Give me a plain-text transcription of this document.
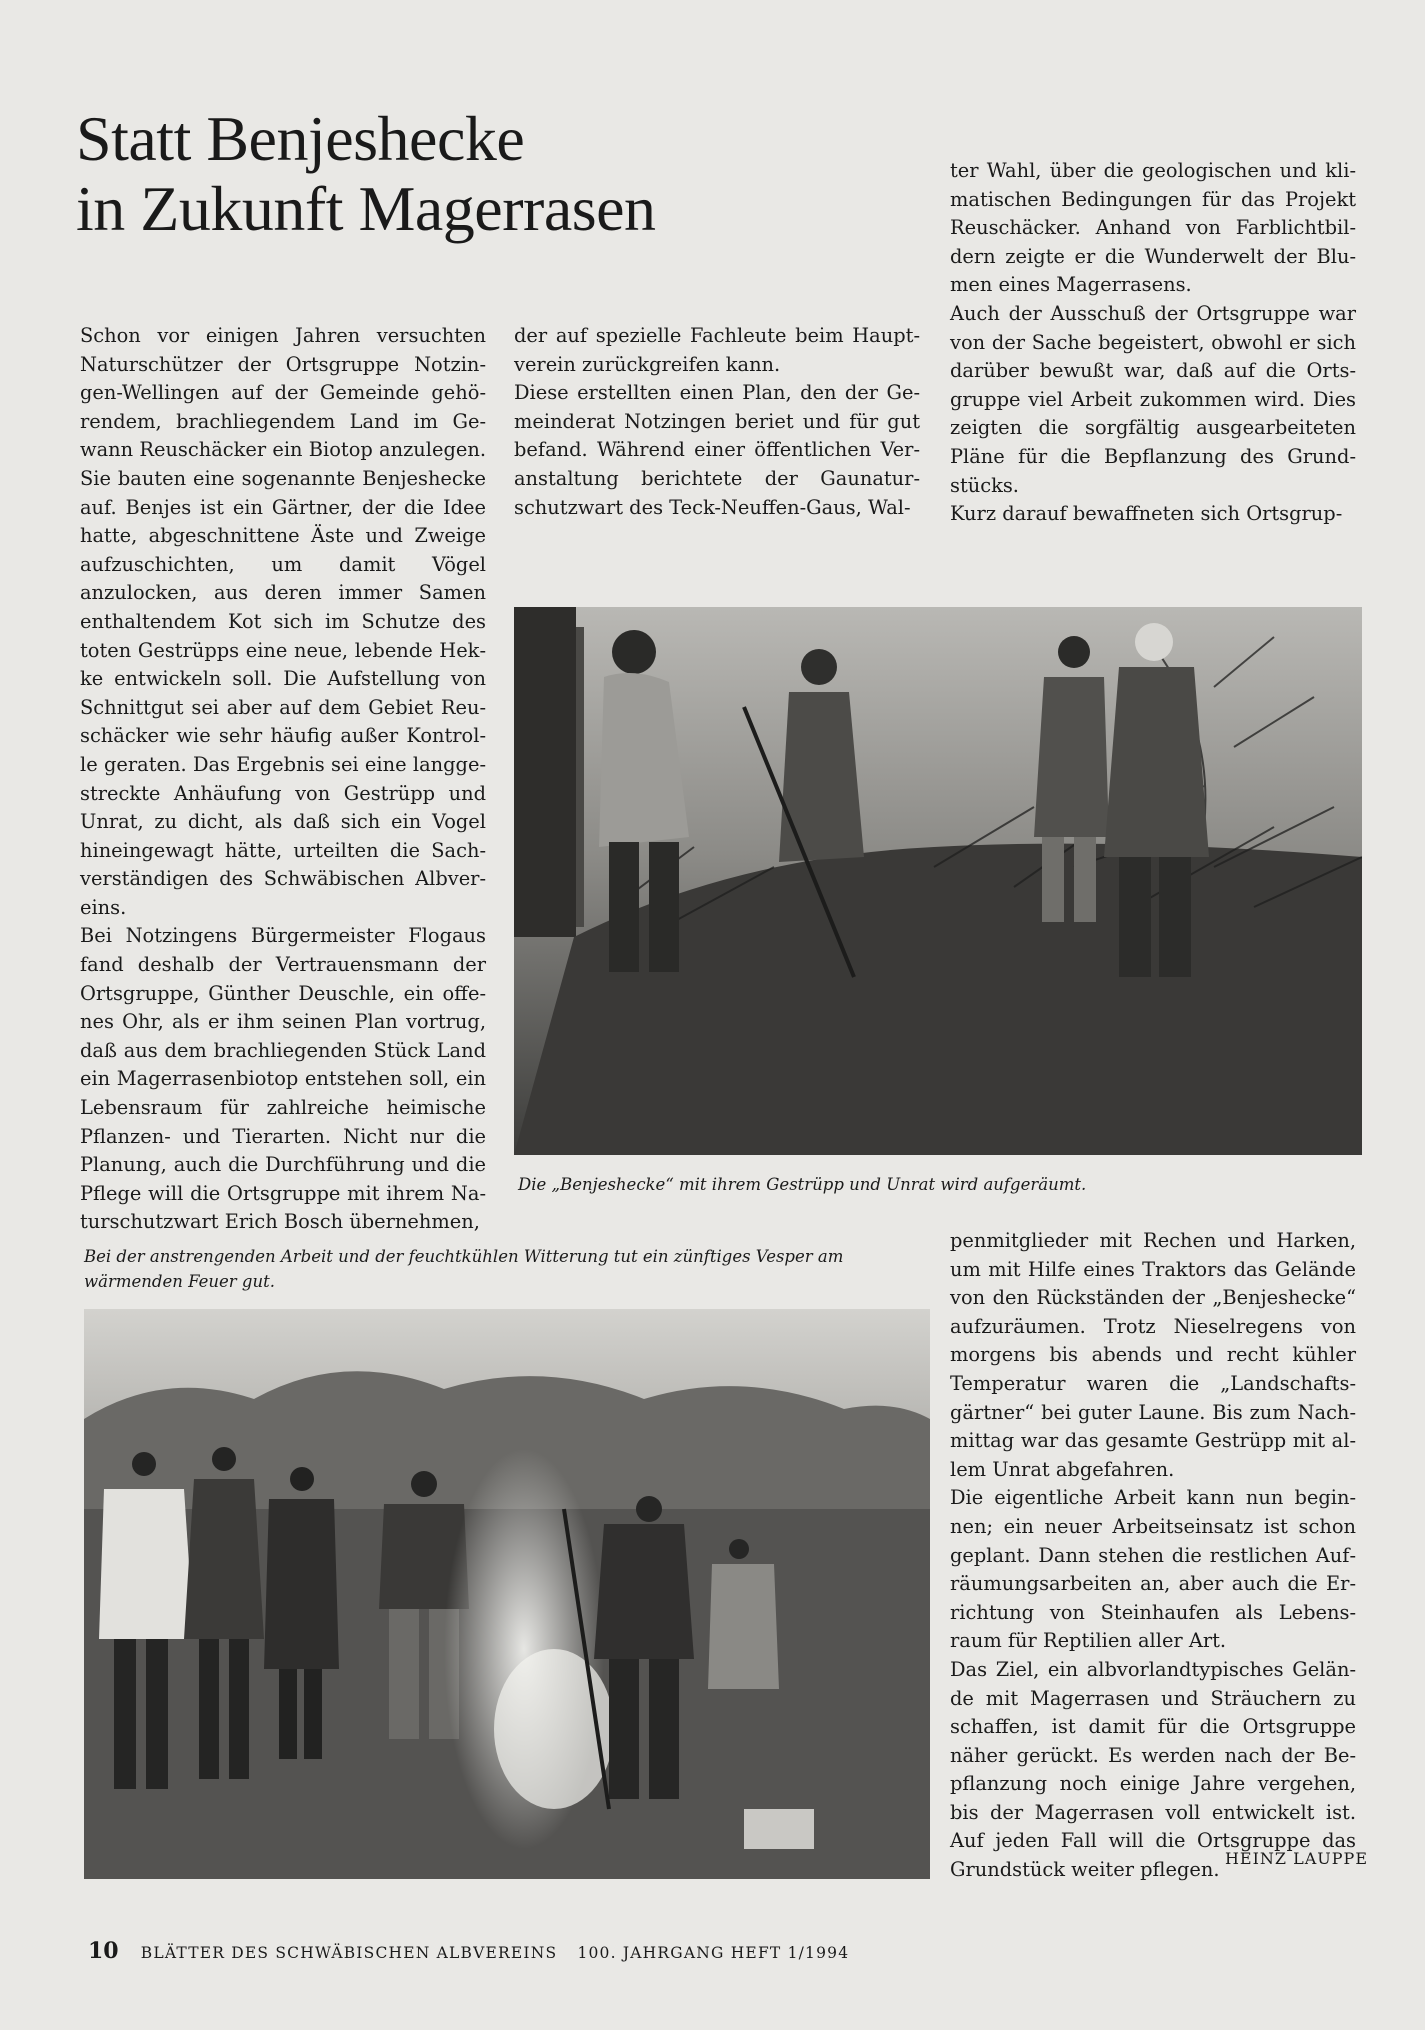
Statt Benjeshecke
in Zukunft Magerrasen

Schon vor einigen Jahren versuchten Naturschützer der Ortsgruppe Notzingen-Wellingen auf der Gemeinde gehörendem, brachliegendem Land im Gewann Reuschäcker ein Biotop anzulegen. Sie bauten eine sogenannte Benjeshecke auf. Benjes ist ein Gärtner, der die Idee hatte, abgeschnittene Äste und Zweige aufzuschichten, um damit Vögel anzulocken, aus deren immer Samen enthaltendem Kot sich im Schutze des toten Gestrüpps eine neue, lebende Hekke entwickeln soll. Die Aufstellung von Schnittgut sei aber auf dem Gebiet Reuschäcker wie sehr häufig außer Kontrolle geraten. Das Ergebnis sei eine langgestreckte Anhäufung von Gestrüpp und Unrat, zu dicht, als daß sich ein Vogel hineingewagt hätte, urteilten die Sachverständigen des Schwäbischen Albvereins.

Bei Notzingens Bürgermeister Flogaus fand deshalb der Vertrauensmann der Ortsgruppe, Günther Deuschle, ein offenes Ohr, als er ihm seinen Plan vortrug, daß aus dem brachliegenden Stück Land ein Magerrasenbiotop entstehen soll, ein Lebensraum für zahlreiche heimische Pflanzen- und Tierarten. Nicht nur die Planung, auch die Durchführung und die Pflege will die Ortsgruppe mit ihrem Naturschutzwart Erich Bosch übernehmen,

der auf spezielle Fachleute beim Hauptverein zurückgreifen kann.

Diese erstellten einen Plan, den der Gemeinderat Notzingen beriet und für gut befand. Während einer öffentlichen Veranstaltung berichtete der Gaunaturschutzwart des Teck-Neuffen-Gaus, Wal-

ter Wahl, über die geologischen und klimatischen Bedingungen für das Projekt Reuschäcker. Anhand von Farblichtbildern zeigte er die Wunderwelt der Blumen eines Magerrasens.

Auch der Ausschuß der Ortsgruppe war von der Sache begeistert, obwohl er sich darüber bewußt war, daß auf die Ortsgruppe viel Arbeit zukommen wird. Dies zeigten die sorgfältig ausgearbeiteten Pläne für die Bepflanzung des Grundstücks.

Kurz darauf bewaffneten sich Ortsgrup-

Die „Benjeshecke“ mit ihrem Gestrüpp und Unrat wird aufgeräumt.

Bei der anstrengenden Arbeit und der feuchtkühlen Witterung tut ein zünftiges Vesper am wärmenden Feuer gut.

penmitglieder mit Rechen und Harken, um mit Hilfe eines Traktors das Gelände von den Rückständen der „Benjeshecke“ aufzuräumen. Trotz Nieselregens von morgens bis abends und recht kühler Temperatur waren die „Landschaftsgärtner“ bei guter Laune. Bis zum Nachmittag war das gesamte Gestrüpp mit allem Unrat abgefahren.

Die eigentliche Arbeit kann nun beginnen; ein neuer Arbeitseinsatz ist schon geplant. Dann stehen die restlichen Aufräumungsarbeiten an, aber auch die Errichtung von Steinhaufen als Lebensraum für Reptilien aller Art.

Das Ziel, ein albvorlandtypisches Gelände mit Magerrasen und Sträuchern zu schaffen, ist damit für die Ortsgruppe näher gerückt. Es werden nach der Bepflanzung noch einige Jahre vergehen, bis der Magerrasen voll entwickelt ist. Auf jeden Fall will die Ortsgruppe das Grundstück weiter pflegen. HEINZ LAUPPE
10 BLÄTTER DES SCHWÄBISCHEN ALBVEREINS 100. JAHRGANG HEFT 1/1994
